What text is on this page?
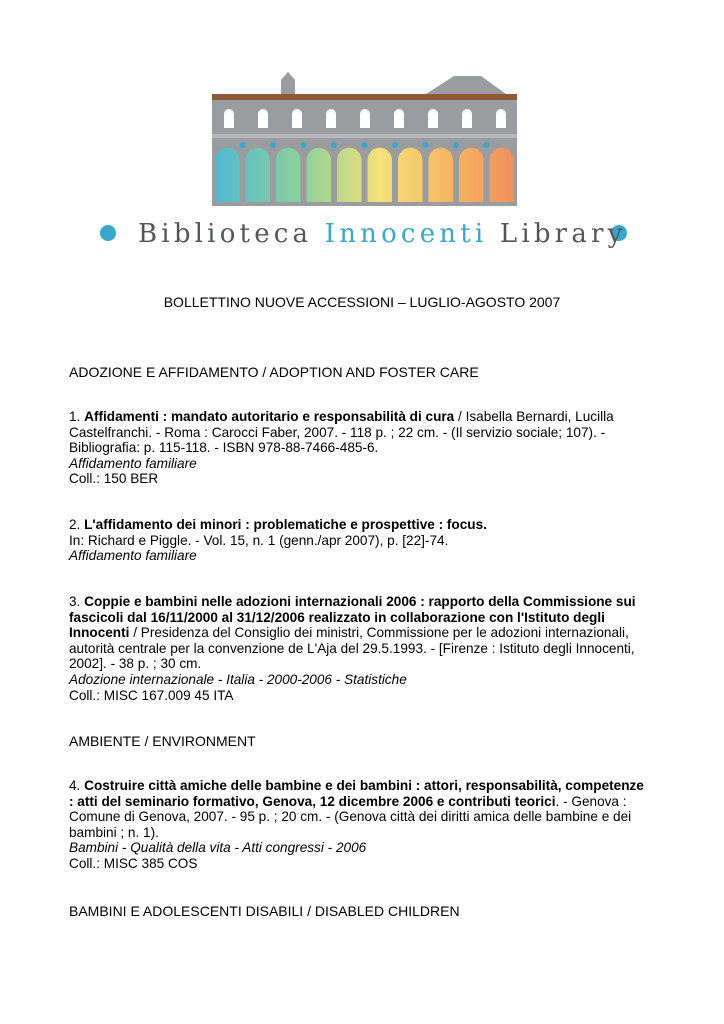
Biblioteca Innocenti Library
BOLLETTINO NUOVE ACCESSIONI – LUGLIO-AGOSTO 2007
ADOZIONE E AFFIDAMENTO / ADOPTION AND FOSTER CARE
1. Affidamenti : mandato autoritario e responsabilità di cura / Isabella Bernardi, Lucilla Castelfranchi. - Roma : Carocci Faber, 2007. - 118 p. ; 22 cm. - (Il servizio sociale; 107). - Bibliografia: p. 115-118. - ISBN 978-88-7466-485-6.
Affidamento familiare
Coll.: 150 BER
2. L'affidamento dei minori : problematiche e prospettive : focus.
In: Richard e Piggle. - Vol. 15, n. 1 (genn./apr 2007), p. [22]-74.
Affidamento familiare
3. Coppie e bambini nelle adozioni internazionali 2006 : rapporto della Commissione sui fascicoli dal 16/11/2000 al 31/12/2006 realizzato in collaborazione con l'Istituto degli Innocenti / Presidenza del Consiglio dei ministri, Commissione per le adozioni internazionali, autorità centrale per la convenzione de L'Aja del 29.5.1993. - [Firenze : Istituto degli Innocenti, 2002]. - 38 p. ; 30 cm.
Adozione internazionale - Italia - 2000-2006 - Statistiche
Coll.: MISC 167.009 45 ITA
AMBIENTE / ENVIRONMENT
4. Costruire città amiche delle bambine e dei bambini : attori, responsabilità, competenze : atti del seminario formativo, Genova, 12 dicembre 2006 e contributi teorici. - Genova : Comune di Genova, 2007. - 95 p. ; 20 cm. - (Genova città dei diritti amica delle bambine e dei bambini ; n. 1).
Bambini - Qualità della vita - Atti congressi - 2006
Coll.: MISC 385 COS
BAMBINI E ADOLESCENTI DISABILI / DISABLED CHILDREN
